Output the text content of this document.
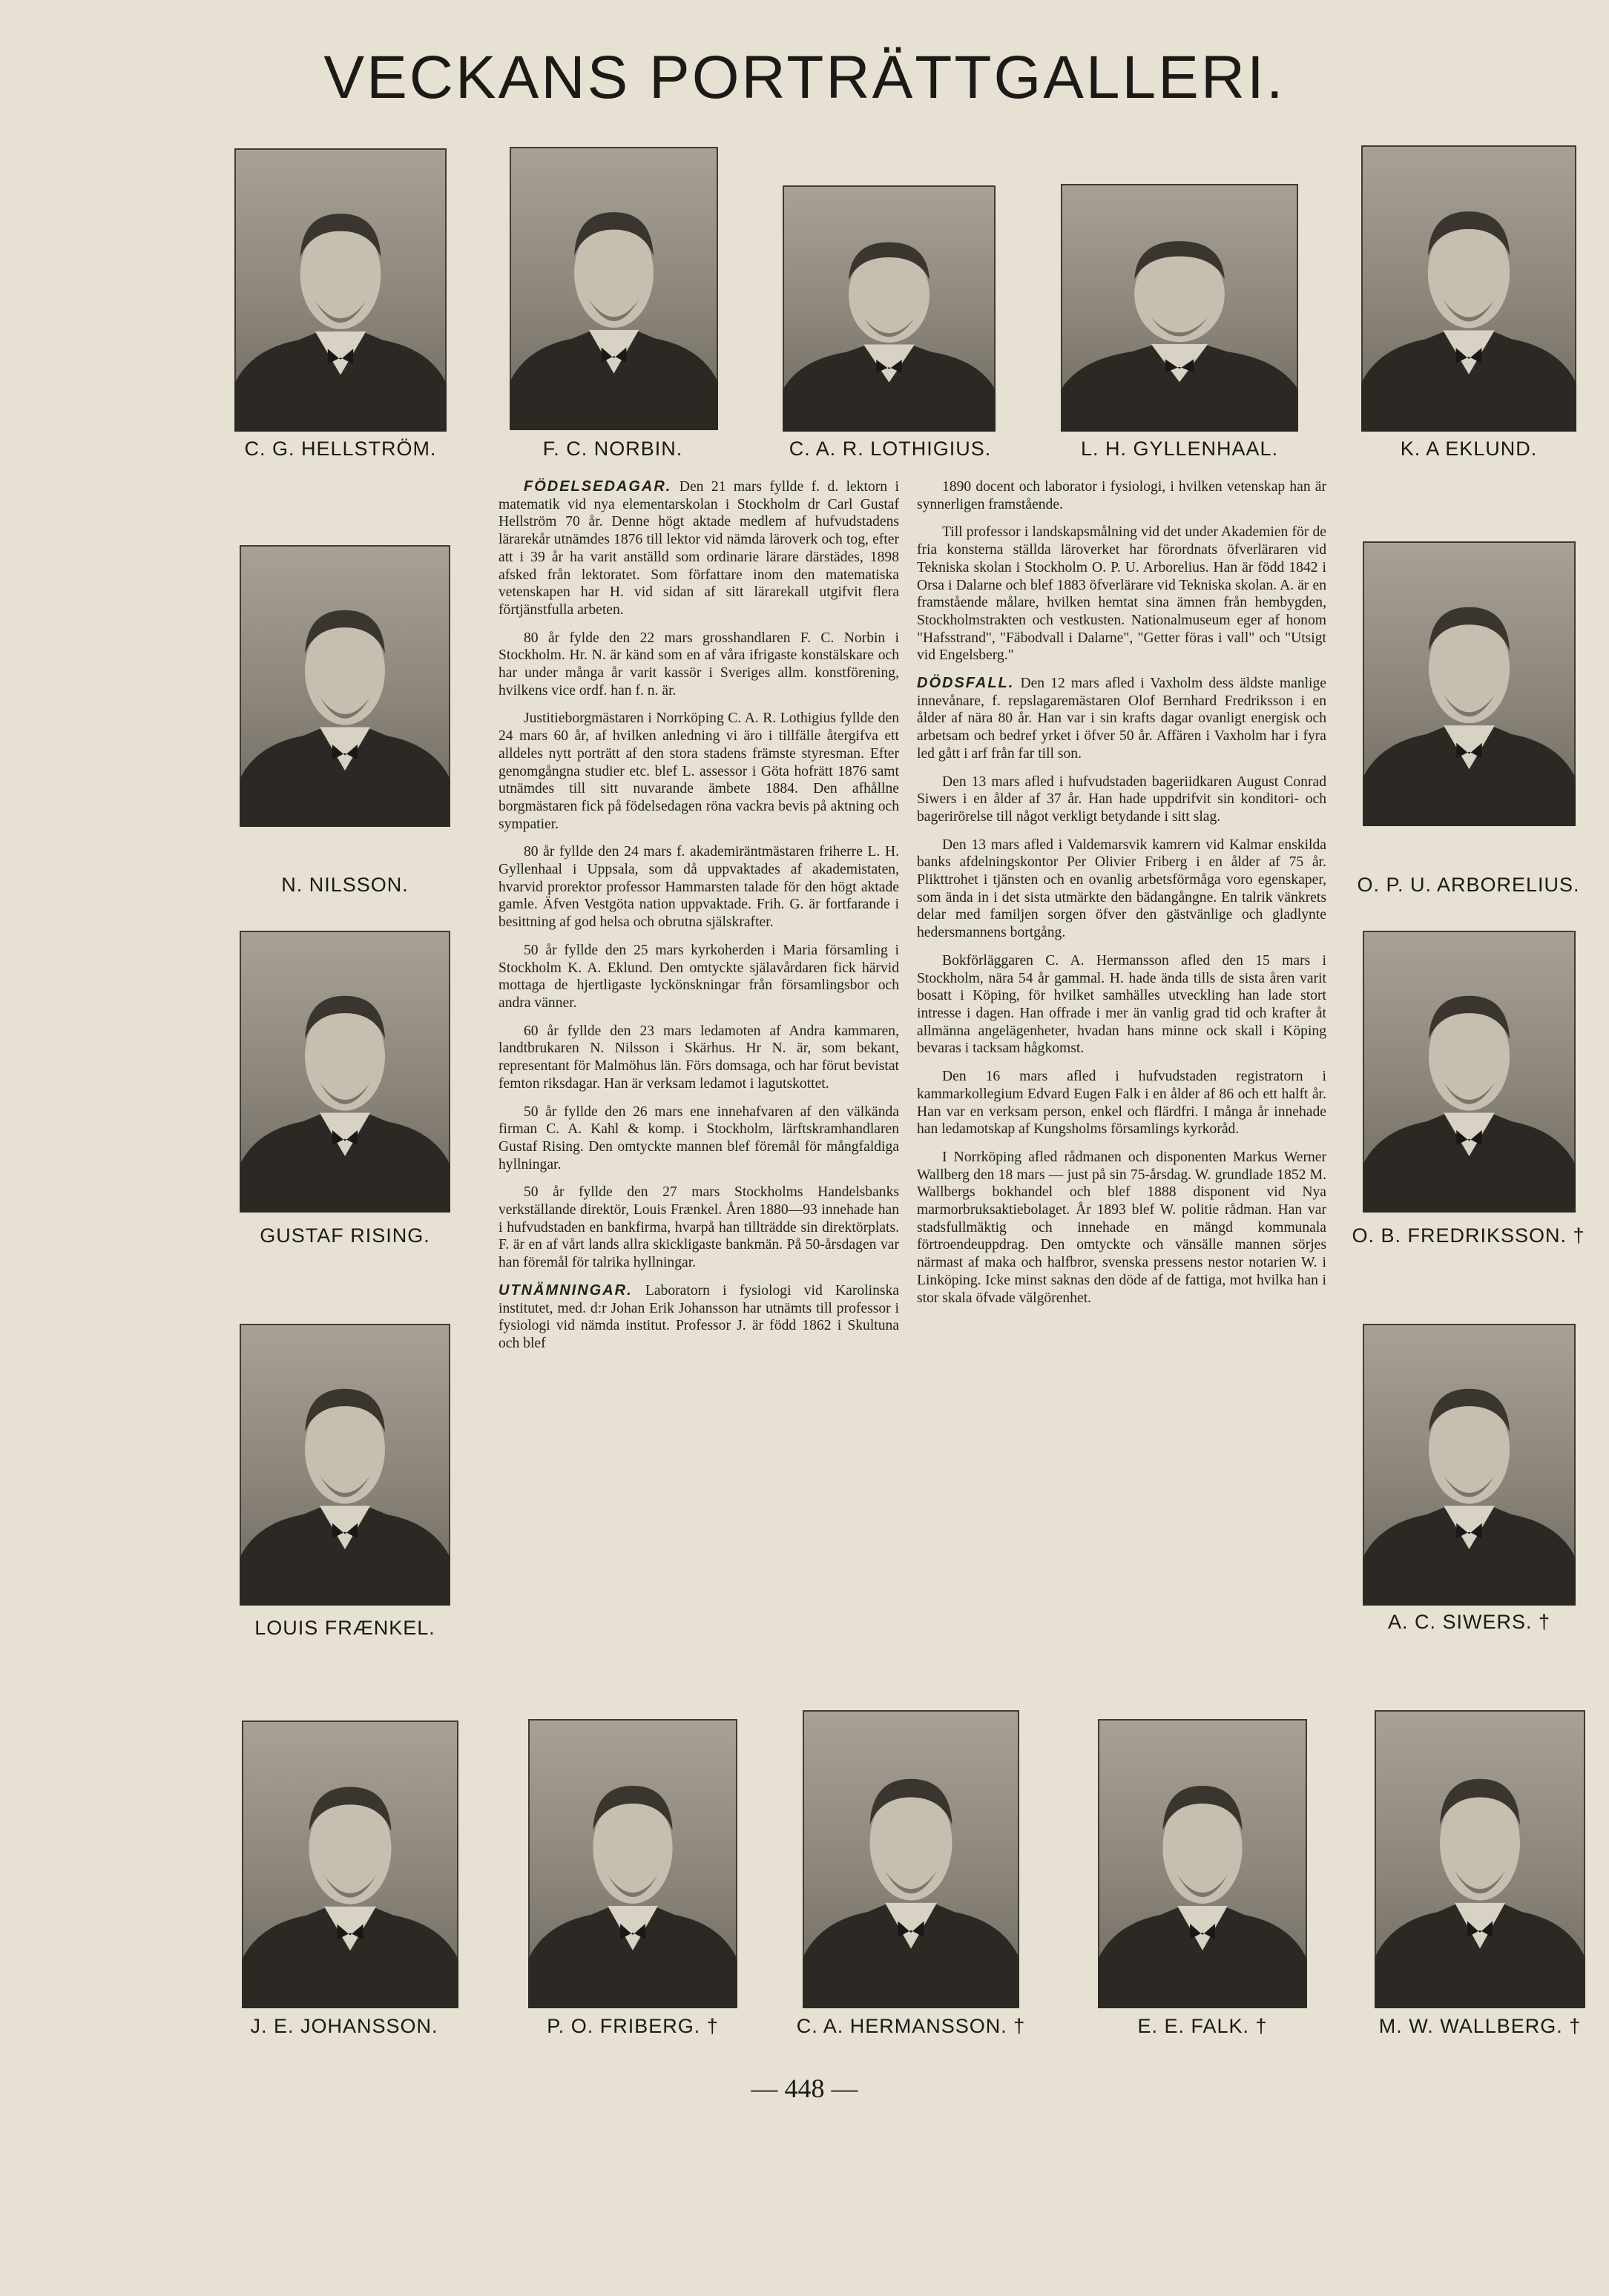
VECKANS PORTRÄTTGALLERI.
C. G. HELLSTRÖM.	F. C. NORBIN.	C. A. R. LOTHIGIUS.	L. H. GYLLENHAAL.	K. A EKLUND.
N. NILSSON.
GUSTAF RISING.
LOUIS FRÆNKEL.
O. P. U. ARBORELIUS.
O. B. FREDRIKSSON. †
A. C. SIWERS. †
J. E. JOHANSSON.	P. O. FRIBERG. †	C. A. HERMANSSON. †	E. E. FALK. †	M. W. WALLBERG. †

FÖDELSEDAGAR. Den 21 mars fyllde f. d. lektorn i matematik vid nya elementarskolan i Stockholm dr Carl Gustaf Hellström 70 år. Denne högt aktade medlem af hufvudstadens lärarekår utnämdes 1876 till lektor vid nämda läroverk och tog, efter att i 39 år ha varit anställd som ordinarie lärare därstädes, 1898 afsked från lektoratet. Som författare inom den matematiska vetenskapen har H. vid sidan af sitt lärarekall utgifvit flera förtjänstfulla arbeten.

80 år fylde den 22 mars grosshandlaren F. C. Norbin i Stockholm. Hr. N. är känd som en af våra ifrigaste konstälskare och har under många år varit kassör i Sveriges allm. konstförening, hvilkens vice ordf. han f. n. är.

Justitieborgmästaren i Norrköping C. A. R. Lothigius fyllde den 24 mars 60 år, af hvilken anledning vi äro i tillfälle återgifva ett alldeles nytt porträtt af den stora stadens främste styresman. Efter genomgångna studier etc. blef L. assessor i Göta hofrätt 1876 samt utnämdes till sitt nuvarande ämbete 1884. Den afhållne borgmästaren fick på födelsedagen röna vackra bevis på aktning och sympatier.

80 år fyllde den 24 mars f. akademiräntmästaren friherre L. H. Gyllenhaal i Uppsala, som då uppvaktades af akademistaten, hvarvid prorektor professor Hammarsten talade för den högt aktade gamle. Äfven Vestgöta nation uppvaktade. Frih. G. är fortfarande i besittning af god helsa och obrutna själskrafter.

50 år fyllde den 25 mars kyrkoherden i Maria församling i Stockholm K. A. Eklund. Den omtyckte själavårdaren fick härvid mottaga de hjertligaste lyckönskningar från församlingsbor och andra vänner.

60 år fyllde den 23 mars ledamoten af Andra kammaren, landtbrukaren N. Nilsson i Skärhus. Hr N. är, som bekant, representant för Malmöhus län. Förs domsaga, och har förut bevistat femton riksdagar. Han är verksam ledamot i lagutskottet.

50 år fyllde den 26 mars ene innehafvaren af den välkända firman C. A. Kahl & komp. i Stockholm, lärftskramhandlaren Gustaf Rising. Den omtyckte mannen blef föremål för mångfaldiga hyllningar.

50 år fyllde den 27 mars Stockholms Handelsbanks verkställande direktör, Louis Frænkel. Åren 1880—93 innehade han i hufvudstaden en bankfirma, hvarpå han tillträdde sin direktörplats. F. är en af vårt lands allra skickligaste bankmän. På 50-årsdagen var han föremål för talrika hyllningar.

UTNÄMNINGAR. Laboratorn i fysiologi vid Karolinska institutet, med. d:r Johan Erik Johansson har utnämts till professor i fysiologi vid nämda institut. Professor J. är född 1862 i Skultuna och blef

1890 docent och laborator i fysiologi, i hvilken vetenskap han är synnerligen framstående.

Till professor i landskapsmålning vid det under Akademien för de fria konsterna ställda läroverket har förordnats öfverläraren vid Tekniska skolan i Stockholm O. P. U. Arborelius. Han är född 1842 i Orsa i Dalarne och blef 1883 öfverlärare vid Tekniska skolan. A. är en framstående målare, hvilken hemtat sina ämnen från hembygden, Stockholmstrakten och vestkusten. Nationalmuseum eger af honom "Hafsstrand", "Fäbodvall i Dalarne", "Getter föras i vall" och "Utsigt vid Engelsberg."

DÖDSFALL. Den 12 mars afled i Vaxholm dess äldste manlige innevånare, f. repslagaremästaren Olof Bernhard Fredriksson i en ålder af nära 80 år. Han var i sin krafts dagar ovanligt energisk och arbetsam och bedref yrket i öfver 50 år. Affären i Vaxholm har i fyra led gått i arf från far till son.

Den 13 mars afled i hufvudstaden bageriidkaren August Conrad Siwers i en ålder af 37 år. Han hade uppdrifvit sin konditori- och bagerirörelse till något verkligt betydande i sitt slag.

Den 13 mars afled i Valdemarsvik kamrern vid Kalmar enskilda banks afdelningskontor Per Olivier Friberg i en ålder af 75 år. Plikttrohet i tjänsten och en ovanlig arbetsförmåga voro egenskaper, som ända in i det sista utmärkte den bädangångne. En talrik vänkrets delar med familjen sorgen öfver den gästvänlige och gladlynte hedersmannens bortgång.

Bokförläggaren C. A. Hermansson afled den 15 mars i Stockholm, nära 54 år gammal. H. hade ända tills de sista åren varit bosatt i Köping, för hvilket samhälles utveckling han lade stort intresse i dagen. Han offrade i mer än vanlig grad tid och krafter åt allmänna angelägenheter, hvadan hans minne ock skall i Köping bevaras i tacksam hågkomst.

Den 16 mars afled i hufvudstaden registratorn i kammarkollegium Edvard Eugen Falk i en ålder af 86 och ett halft år. Han var en verksam person, enkel och flärdfri. I många år innehade han ledamotskap af Kungsholms församlings kyrkoråd.

I Norrköping afled rådmanen och disponenten Markus Werner Wallberg den 18 mars — just på sin 75-årsdag. W. grundlade 1852 M. Wallbergs bokhandel och blef 1888 disponent vid Nya marmorbruksaktiebolaget. År 1893 blef W. politie rådman. Han var stadsfullmäktig och innehade en mängd kommunala förtroendeuppdrag. Den omtyckte och vänsälle mannen sörjes närmast af maka och halfbror, svenska pressens nestor notarien W. i Linköping. Icke minst saknas den döde af de fattiga, mot hvilka han i stor skala öfvade välgörenhet.

— 448 —
